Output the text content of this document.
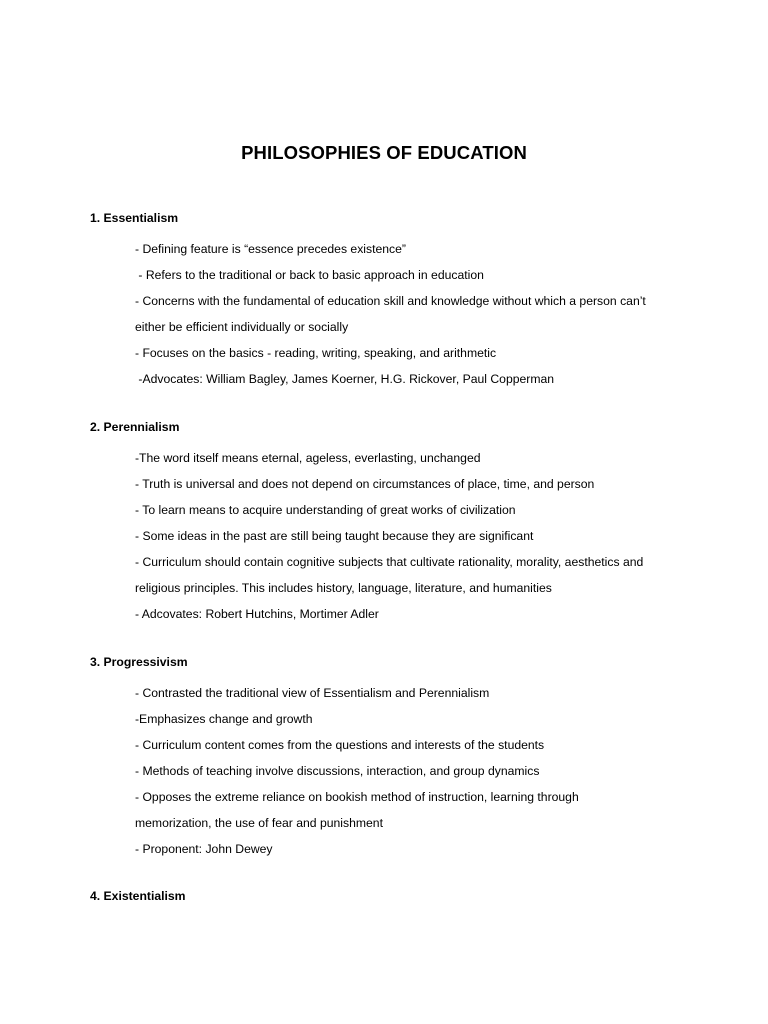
PHILOSOPHIES OF EDUCATION
1. Essentialism
- Defining feature is “essence precedes existence”
- Refers to the traditional or back to basic approach in education
- Concerns with the fundamental of education skill and knowledge without which a person can’t
either be efficient individually or socially
- Focuses on the basics - reading, writing, speaking, and arithmetic
-Advocates: William Bagley, James Koerner, H.G. Rickover, Paul Copperman
2. Perennialism
-The word itself means eternal, ageless, everlasting, unchanged
- Truth is universal and does not depend on circumstances of place, time, and person
- To learn means to acquire understanding of great works of civilization
- Some ideas in the past are still being taught because they are significant
- Curriculum should contain cognitive subjects that cultivate rationality, morality, aesthetics and
religious principles. This includes history, language, literature, and humanities
- Adcovates: Robert Hutchins, Mortimer Adler
3. Progressivism
- Contrasted the traditional view of Essentialism and Perennialism
-Emphasizes change and growth
- Curriculum content comes from the questions and interests of the students
- Methods of teaching involve discussions, interaction, and group dynamics
- Opposes the extreme reliance on bookish method of instruction, learning through
memorization, the use of fear and punishment
- Proponent: John Dewey
4. Existentialism
